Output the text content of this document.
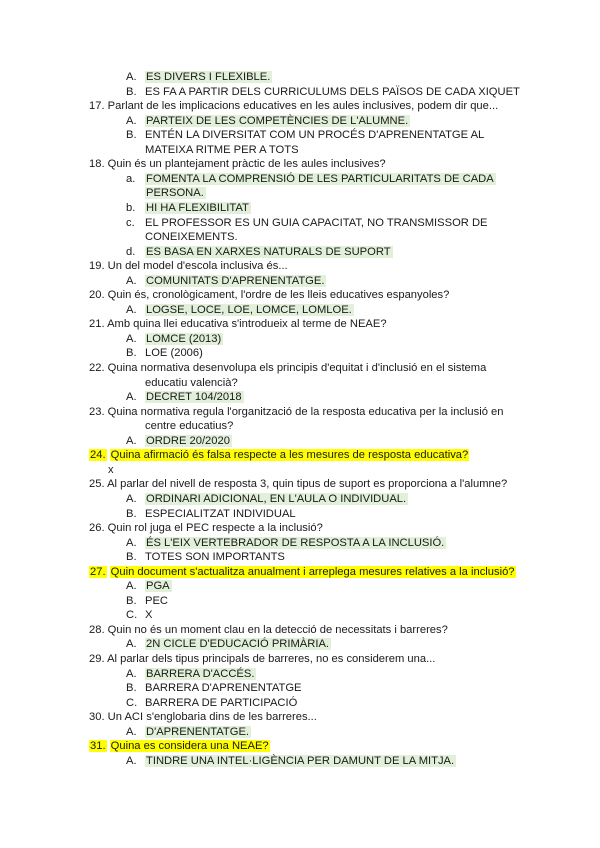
A. ES DIVERS I FLEXIBLE.
B. ES FA A PARTIR DELS CURRICULUMS DELS PAÏSOS DE CADA XIQUET
17. Parlant de les implicacions educatives en les aules inclusives, podem dir que...
A. PARTEIX DE LES COMPETÈNCIES DE L'ALUMNE.
B. ENTÉN LA DIVERSITAT COM UN PROCÉS D'APRENENTATGE AL
MATEIXA RITME PER A TOTS
18. Quin és un plantejament pràctic de les aules inclusives?
a. FOMENTA LA COMPRENSIÓ DE LES PARTICULARITATS DE CADA
PERSONA.
b. HI HA FLEXIBILITAT
c. EL PROFESSOR ES UN GUIA CAPACITAT, NO TRANSMISSOR DE
CONEIXEMENTS.
d. ES BASA EN XARXES NATURALS DE SUPORT
19. Un del model d'escola inclusiva és...
A. COMUNITATS D'APRENENTATGE.
20. Quin és, cronològicament, l'ordre de les lleis educatives espanyoles?
A. LOGSE, LOCE, LOE, LOMCE, LOMLOE.
21. Amb quina llei educativa s'introdueix al terme de NEAE?
A. LOMCE (2013)
B. LOE (2006)
22. Quina normativa desenvolupa els principis d'equitat i d'inclusió en el sistema
educatiu valencià?
A. DECRET 104/2018
23. Quina normativa regula l'organització de la resposta educativa per la inclusió en
centre educatius?
A. ORDRE 20/2020
24. Quina afirmació és falsa respecte a les mesures de resposta educativa?
x
25. Al parlar del nivell de resposta 3, quin tipus de suport es proporciona a l'alumne?
A. ORDINARI ADICIONAL, EN L'AULA O INDIVIDUAL.
B. ESPECIALITZAT INDIVIDUAL
26. Quin rol juga el PEC respecte a la inclusió?
A. ÉS L'EIX VERTEBRADOR DE RESPOSTA A LA INCLUSIÓ.
B. TOTES SON IMPORTANTS
27. Quin document s'actualitza anualment i arreplega mesures relatives a la inclusió?
A. PGA
B. PEC
C. X
28. Quin no és un moment clau en la detecció de necessitats i barreres?
A. 2N CICLE D'EDUCACIÓ PRIMÀRIA.
29. Al parlar dels tipus principals de barreres, no es considerem una...
A. BARRERA D'ACCÉS.
B. BARRERA D'APRENENTATGE
C. BARRERA DE PARTICIPACIÓ
30. Un ACI s'englobaria dins de les barreres...
A. D'APRENENTATGE.
31. Quina es considera una NEAE?
A. TINDRE UNA INTEL·LIGÈNCIA PER DAMUNT DE LA MITJA.
